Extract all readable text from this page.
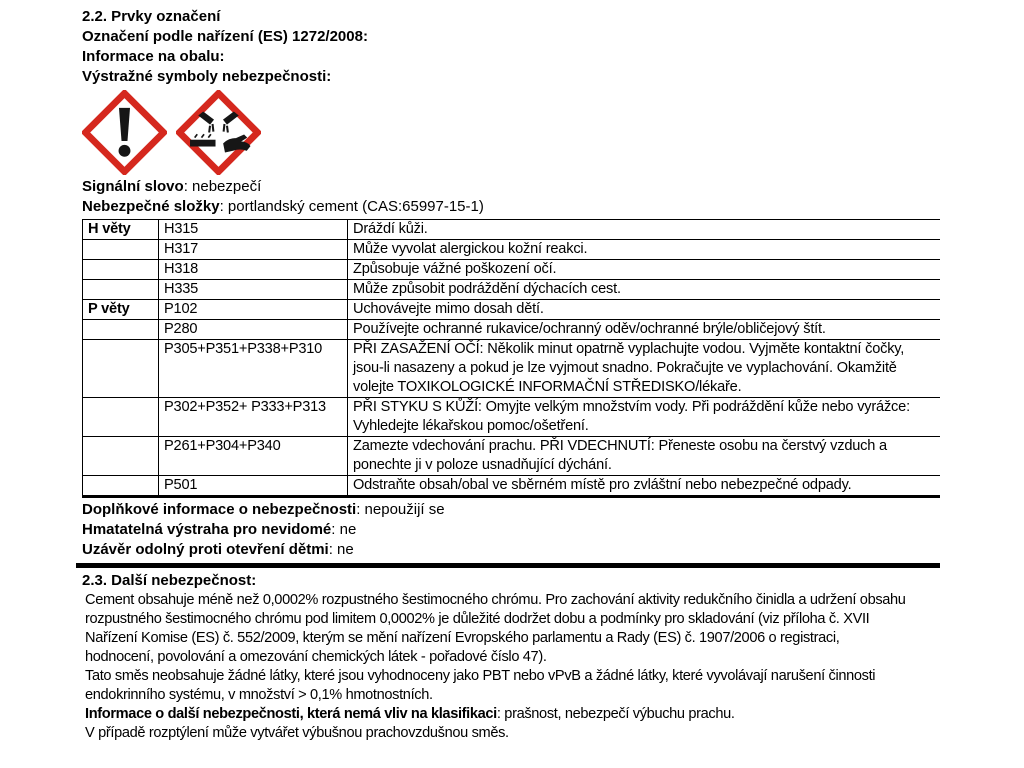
2.2. Prvky označení
Označení podle nařízení (ES) 1272/2008:
Informace na obalu:
Výstražné symboly nebezpečnosti:
Signální slovo: nebezpečí
Nebezpečné složky: portlandský cement (CAS:65997-15-1)
H věty	H315	Dráždí kůži.
	H317	Může vyvolat alergickou kožní reakci.
	H318	Způsobuje vážné poškození očí.
	H335	Může způsobit podráždění dýchacích cest.
P věty	P102	Uchovávejte mimo dosah dětí.
	P280	Používejte ochranné rukavice/ochranný oděv/ochranné brýle/obličejový štít.
	P305+P351+P338+P310	PŘI ZASAŽENÍ OČÍ: Několik minut opatrně vyplachujte vodou. Vyjměte kontaktní čočky, jsou-li nasazeny a pokud je lze vyjmout snadno. Pokračujte ve vyplachování. Okamžitě volejte TOXIKOLOGICKÉ INFORMAČNÍ STŘEDISKO/lékaře.
	P302+P352+ P333+P313	PŘI STYKU S KŮŽÍ: Omyjte velkým množstvím vody. Při podráždění kůže nebo vyrážce: Vyhledejte lékařskou pomoc/ošetření.
	P261+P304+P340	Zamezte vdechování prachu. PŘI VDECHNUTÍ: Přeneste osobu na čerstvý vzduch a ponechte ji v poloze usnadňující dýchání.
	P501	Odstraňte obsah/obal ve sběrném místě pro zvláštní nebo nebezpečné odpady.
Doplňkové informace o nebezpečnosti: nepoužijí se
Hmatatelná výstraha pro nevidomé: ne
Uzávěr odolný proti otevření dětmi: ne
2.3. Další nebezpečnost:
Cement obsahuje méně než 0,0002% rozpustného šestimocného chrómu. Pro zachování aktivity redukčního činidla a udržení obsahu
rozpustného šestimocného chrómu pod limitem 0,0002% je důležité dodržet dobu a podmínky pro skladování (viz příloha č. XVII
Nařízení Komise (ES) č. 552/2009, kterým se mění nařízení Evropského parlamentu a Rady (ES) č. 1907/2006 o registraci,
hodnocení, povolování a omezování chemických látek - pořadové číslo 47).
Tato směs neobsahuje žádné látky, které jsou vyhodnoceny jako PBT nebo vPvB a žádné látky, které vyvolávají narušení činnosti
endokrinního systému, v množství > 0,1% hmotnostních.
Informace o další nebezpečnosti, která nemá vliv na klasifikaci: prašnost, nebezpečí výbuchu prachu.
V případě rozptýlení může vytvářet výbušnou prachovzdušnou směs.
